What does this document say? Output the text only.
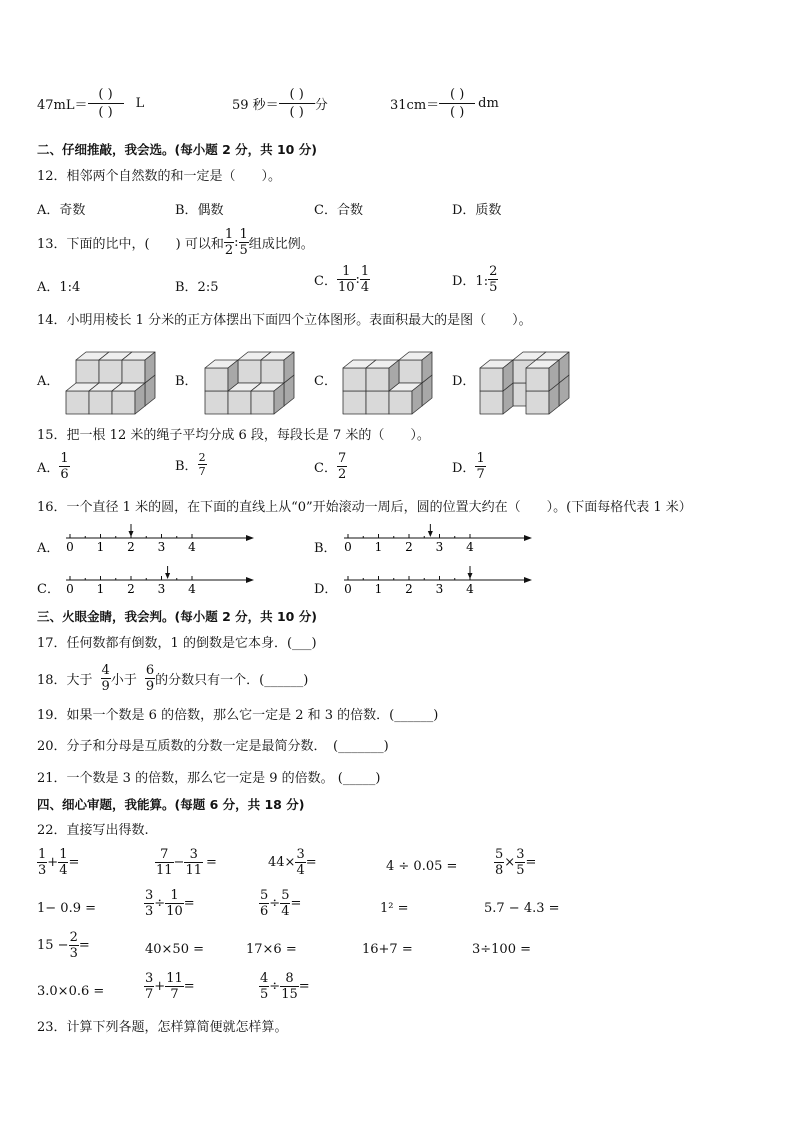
47mL＝
( )
( )
L	59 秒＝
( )
( ) 分	31cm＝
( )
( )
dm
二、仔细推敲，我会选。(每小题 2 分，共 10 分)
12．相邻两个自然数的和一定是（　　）。
A．奇数	B．偶数	C．合数	D．质数
13．下面的比中，(　　) 可以和 $\frac{1}{2}$ : $\frac{1}{5}$ 组成比例。
A．1:4	B．2:5	C． $\frac{1}{10}$ : $\frac{1}{4}$	D．1: $\frac{2}{5}$
14．小明用棱长 1 分米的正方体摆出下面四个立体图形。表面积最大的是图（　　）。
A．	B．	C．	D．
15．把一根 12 米的绳子平均分成 6 段，每段长是 7 米的（　　）。
A． $\frac{1}{6}$	B． $\frac{2}{7}$	C． $\frac{7}{2}$	D． $\frac{1}{7}$
16．一个直径 1 米的圆，在下面的直线上从“0”开始滚动一周后，圆的位置大约在（　　）。(下面每格代表 1 米）
A．	B．
C．	D．
0 1 2 3 4	0 1 2 3 4
0 1 2 3 4	0 1 2 3 4
三、火眼金睛，我会判。(每小题 2 分，共 10 分)
17．任何数都有倒数，1 的倒数是它本身．(___)
18．大于 $\frac{4}{9}$ 小于 $\frac{6}{9}$ 的分数只有一个．(______)
19．如果一个数是 6 的倍数，那么它一定是 2 和 3 的倍数．(______)
20．分子和分母是互质数的分数一定是最简分数．　(_______)
21．一个数是 3 的倍数，那么它一定是 9 的倍数。 (_____)
四、细心审题，我能算。(每题 6 分，共 18 分)
22．直接写出得数.
$\frac{1}{3} + \frac{1}{4}$ =	$\frac{7}{11} - \frac{3}{11}$ =	$44\times \frac{3}{4}$ =	4 ÷ 0.05 =	$\frac{5}{8} \times \frac{3}{5}$ =
1− 0.9 =	$\frac{3}{3} \div \frac{1}{10}$ =	$\frac{5}{6} \div \frac{5}{4}$ =	1² =	5.7 − 4.3 =
$15 - \frac{2}{3}$ =	40×50 =	17×6 =	16+7 =	3÷100 =
3.0×0.6 =	$\frac{3}{7} + \frac{11}{7}$ =	$\frac{4}{5} \div \frac{8}{15}$ =
23．计算下列各题，怎样算简便就怎样算。
